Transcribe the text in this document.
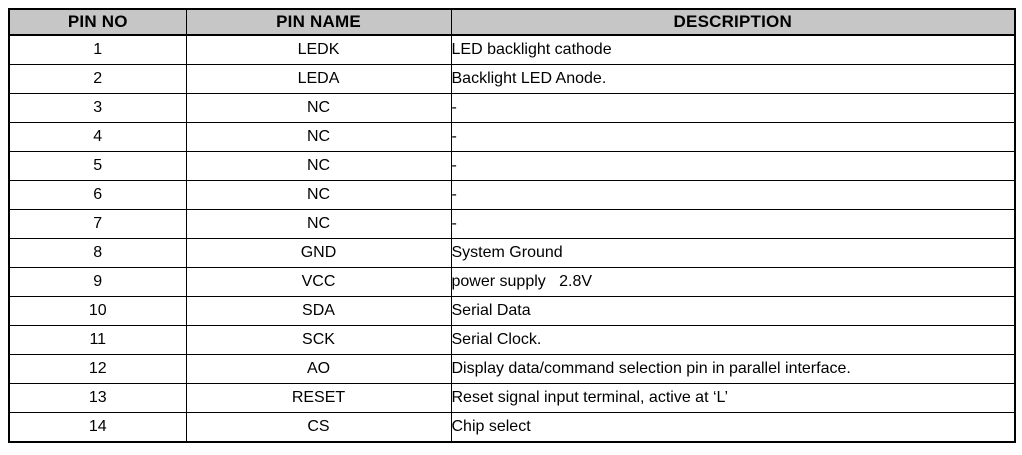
PIN NO	PIN NAME	DESCRIPTION
1	LEDK	LED backlight cathode
2	LEDA	Backlight LED Anode.
3	NC	-
4	NC	-
5	NC	-
6	NC	-
7	NC	-
8	GND	System Ground
9	VCC	power supply   2.8V
10	SDA	Serial Data
11	SCK	Serial Clock.
12	AO	Display data/command selection pin in parallel interface.
13	RESET	Reset signal input terminal, active at ‘L’
14	CS	Chip select
